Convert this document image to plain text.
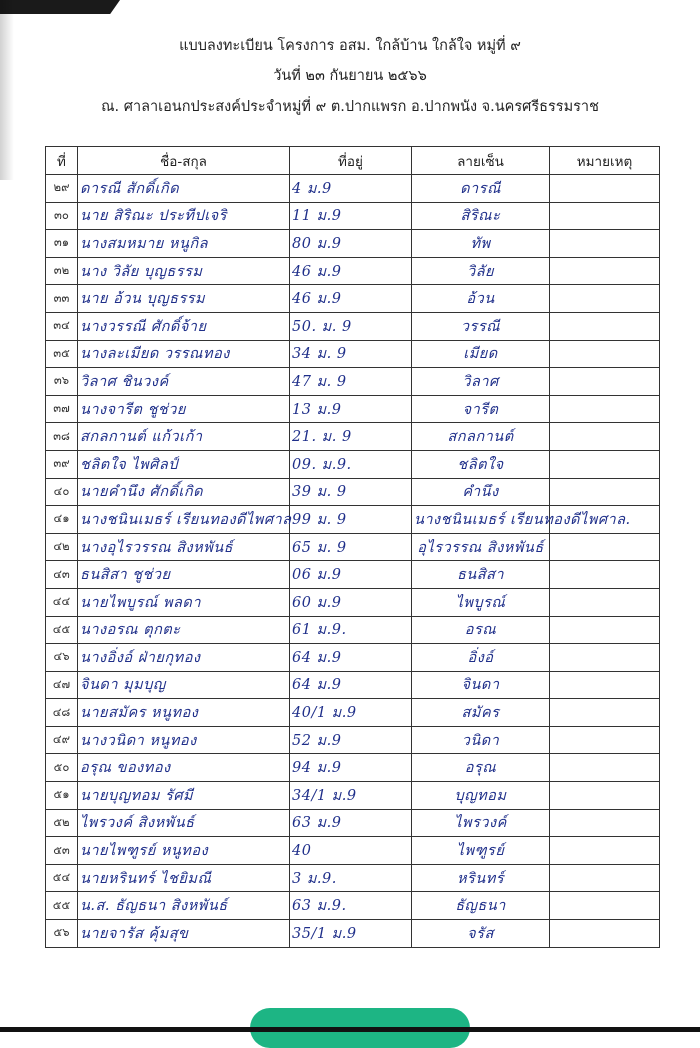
แบบลงทะเบียน โครงการ อสม. ใกล้บ้าน ใกล้ใจ หมู่ที่ ๙
วันที่ ๒๓ กันยายน ๒๕๖๖
ณ. ศาลาเอนกประสงค์ประจำหมู่ที่ ๙ ต.ปากแพรก อ.ปากพนัง จ.นครศรีธรรมราช
ที่	ชื่อ-สกุล	ที่อยู่	ลายเซ็น	หมายเหตุ
๒๙	ดารณี สักดิ์เกิด	4 ม.9	ดารณี	
๓๐	นาย สิริณะ ประทีปเจริ	11 ม.9	สิริณะ	
๓๑	นางสมหมาย หนูกิล	80 ม.9	ทัพ	
๓๒	นาง วิลัย บุญธรรม	46 ม.9	วิลัย	
๓๓	นาย อ้วน บุญธรรม	46 ม.9	อ้วน	
๓๔	นางวรรณี ศักดิ์จ้าย	50. ม. 9	วรรณี	
๓๕	นางละเมียด วรรณทอง	34 ม. 9	เมียด	
๓๖	วิลาศ ชินวงค์	47 ม. 9	วิลาศ	
๓๗	นางจารีต ชูช่วย	13 ม.9	จารีต	
๓๘	สกลกานต์ แก้วเก้า	21. ม. 9	สกลกานต์	
๓๙	ชลิตใจ ไพศิลป์	09. ม.9.	ชลิตใจ	
๔๐	นายคำนึง ศักดิ์เกิด	39 ม. 9	คำนึง	
๔๑	นางชนินเมธร์ เรียนทองดีไพศาล	99 ม. 9	นางชนินเมธร์ เรียนทองดีไพศาล.	
๔๒	นางอุไรวรรณ สิงหพันธ์	65 ม. 9	อุไรวรรณ สิงหพันธ์	
๔๓	ธนสิสา ชูช่วย	06 ม.9	ธนสิสา	
๔๔	นายไพบูรณ์ พลดา	60 ม.9	ไพบูรณ์	
๔๕	นางอรณ ตุกตะ	61 ม.9.	อรณ	
๔๖	นางอิ่งอ์ ฝ่ายกุทอง	64 ม.9	อิ่งอ์	
๔๗	จินดา มุมบุญ	64 ม.9	จินดา	
๔๘	นายสมัคร หนูทอง	40/1 ม.9	สมัคร	
๔๙	นางวนิดา หนูทอง	52 ม.9	วนิดา	
๕๐	อรุณ ของทอง	94 ม.9	อรุณ	
๕๑	นายบุญทอม รัศมี	34/1 ม.9	บุญทอม	
๕๒	ไพรวงค์ สิงหพันธ์	63 ม.9	ไพรวงค์	
๕๓	นายไพฑูรย์ หนูทอง	40	ไพฑูรย์	
๕๔	นายหรินทร์ ไชยิมณี	3 ม.9.	หรินทร์	
๕๕	น.ส. ธัญธนา สิงหพันธ์	63 ม.9.	ธัญธนา	
๕๖	นายจารัส คุ้มสุข	35/1 ม.9	จรัส	
